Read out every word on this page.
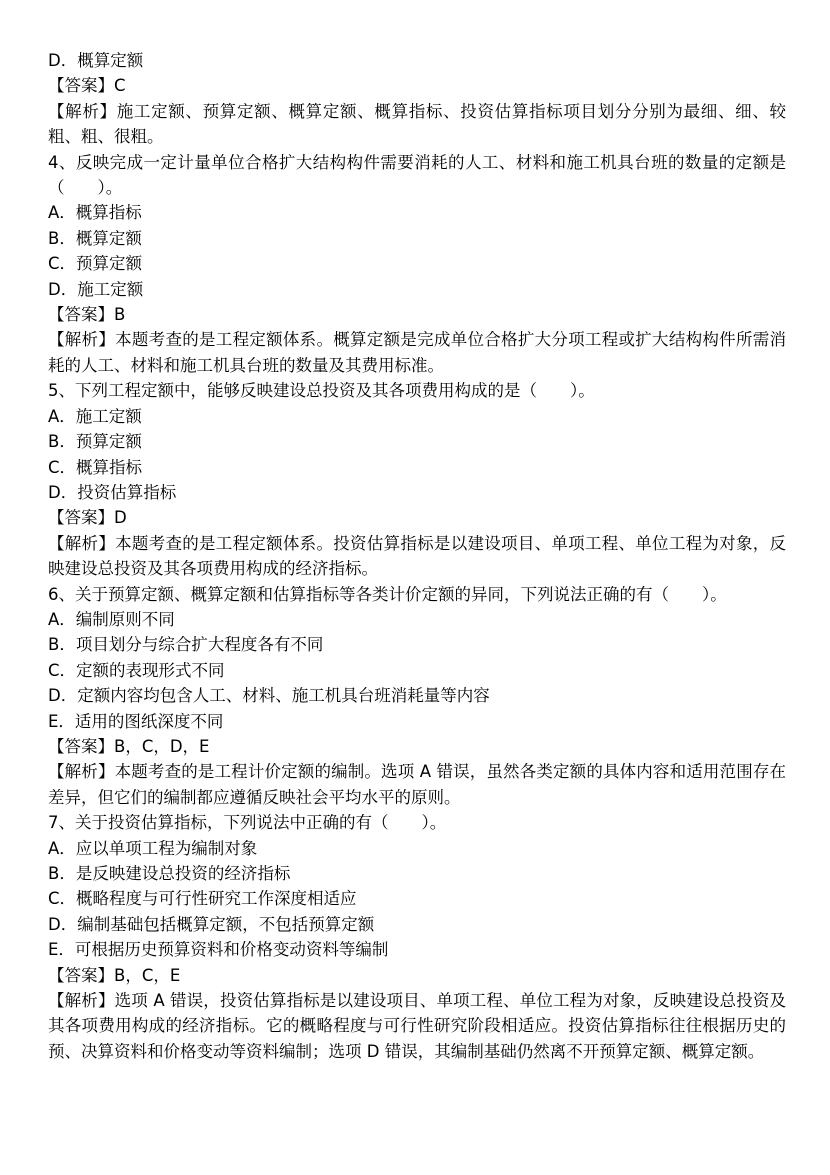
D．概算定额
【答案】C
【解析】施工定额、预算定额、概算定额、概算指标、投资估算指标项目划分分别为最细、细、较粗、粗、很粗。
4、反映完成一定计量单位合格扩大结构构件需要消耗的人工、材料和施工机具台班的数量的定额是（　　）。
A．概算指标
B．概算定额
C．预算定额
D．施工定额
【答案】B
【解析】本题考查的是工程定额体系。概算定额是完成单位合格扩大分项工程或扩大结构构件所需消耗的人工、材料和施工机具台班的数量及其费用标准。
5、下列工程定额中，能够反映建设总投资及其各项费用构成的是（　　）。
A．施工定额
B．预算定额
C．概算指标
D．投资估算指标
【答案】D
【解析】本题考查的是工程定额体系。投资估算指标是以建设项目、单项工程、单位工程为对象，反映建设总投资及其各项费用构成的经济指标。
6、关于预算定额、概算定额和估算指标等各类计价定额的异同，下列说法正确的有（　　）。
A．编制原则不同
B．项目划分与综合扩大程度各有不同
C．定额的表现形式不同
D．定额内容均包含人工、材料、施工机具台班消耗量等内容
E．适用的图纸深度不同
【答案】B，C，D，E
【解析】本题考查的是工程计价定额的编制。选项 A 错误，虽然各类定额的具体内容和适用范围存在差异，但它们的编制都应遵循反映社会平均水平的原则。
7、关于投资估算指标，下列说法中正确的有（　　）。
A．应以单项工程为编制对象
B．是反映建设总投资的经济指标
C．概略程度与可行性研究工作深度相适应
D．编制基础包括概算定额，不包括预算定额
E．可根据历史预算资料和价格变动资料等编制
【答案】B，C，E
【解析】选项 A 错误，投资估算指标是以建设项目、单项工程、单位工程为对象，反映建设总投资及其各项费用构成的经济指标。它的概略程度与可行性研究阶段相适应。投资估算指标往往根据历史的预、决算资料和价格变动等资料编制；选项 D 错误，其编制基础仍然离不开预算定额、概算定额。
